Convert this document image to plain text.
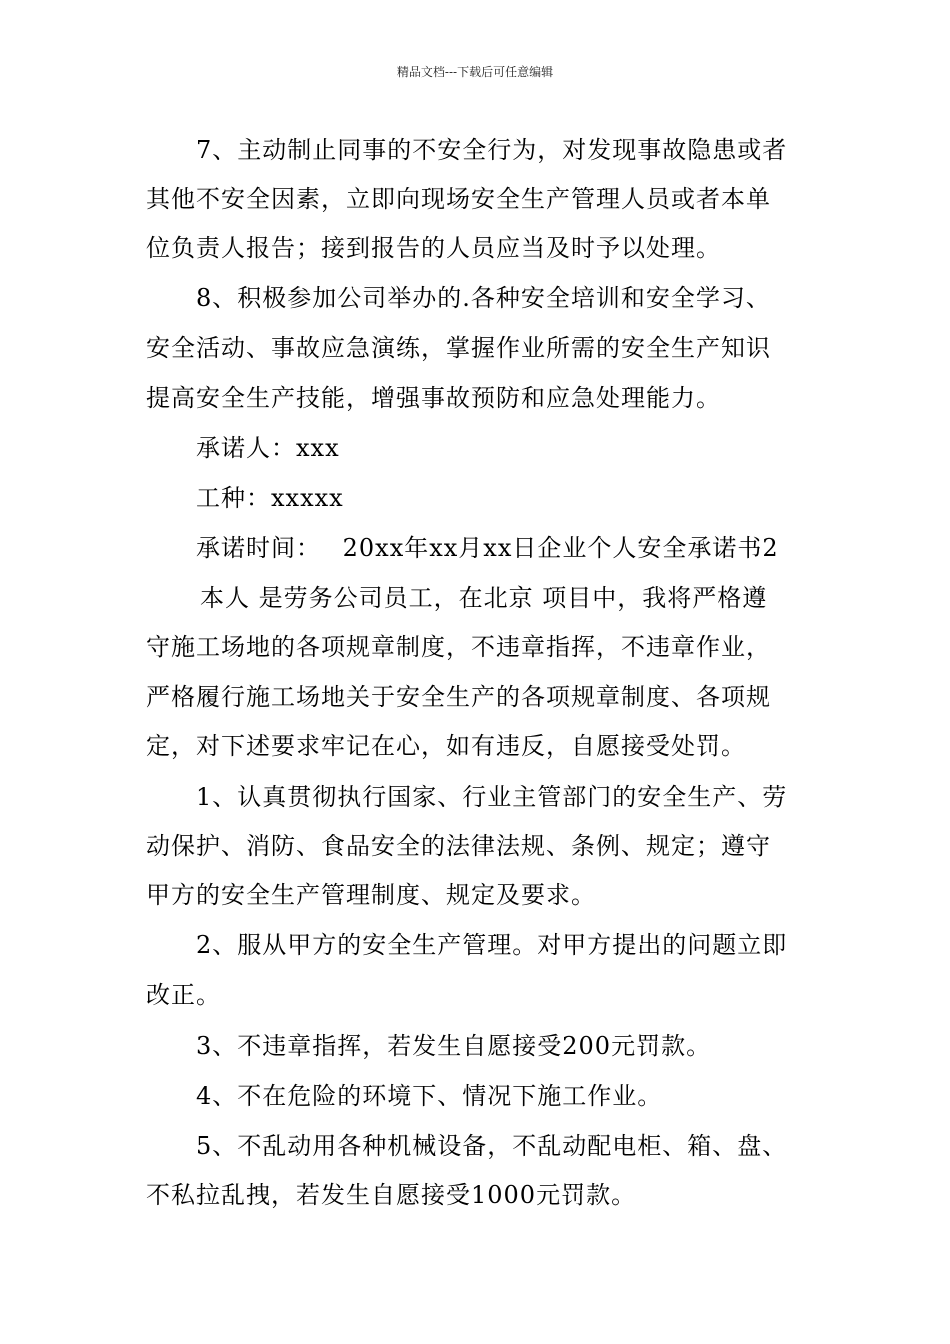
精品文档---下载后可任意编辑
7、主动制止同事的不安全行为，对发现事故隐患或者
其他不安全因素，立即向现场安全生产管理人员或者本单
位负责人报告；接到报告的人员应当及时予以处理。
8、积极参加公司举办的.各种安全培训和安全学习、
安全活动、事故应急演练，掌握作业所需的安全生产知识
提高安全生产技能，增强事故预防和应急处理能力。
承诺人：xxx
工种：xxxxx
承诺时间：　 20xx年xx月xx日企业个人安全承诺书2
本人 是劳务公司员工，在北京 项目中，我将严格遵
守施工场地的各项规章制度，不违章指挥，不违章作业，
严格履行施工场地关于安全生产的各项规章制度、各项规
定，对下述要求牢记在心，如有违反，自愿接受处罚。
1、认真贯彻执行国家、行业主管部门的安全生产、劳
动保护、消防、食品安全的法律法规、条例、规定；遵守
甲方的安全生产管理制度、规定及要求。
2、服从甲方的安全生产管理。对甲方提出的问题立即
改正。
3、不违章指挥，若发生自愿接受200元罚款。
4、不在危险的环境下、情况下施工作业。
5、不乱动用各种机械设备，不乱动配电柜、箱、盘、
不私拉乱拽，若发生自愿接受1000元罚款。
